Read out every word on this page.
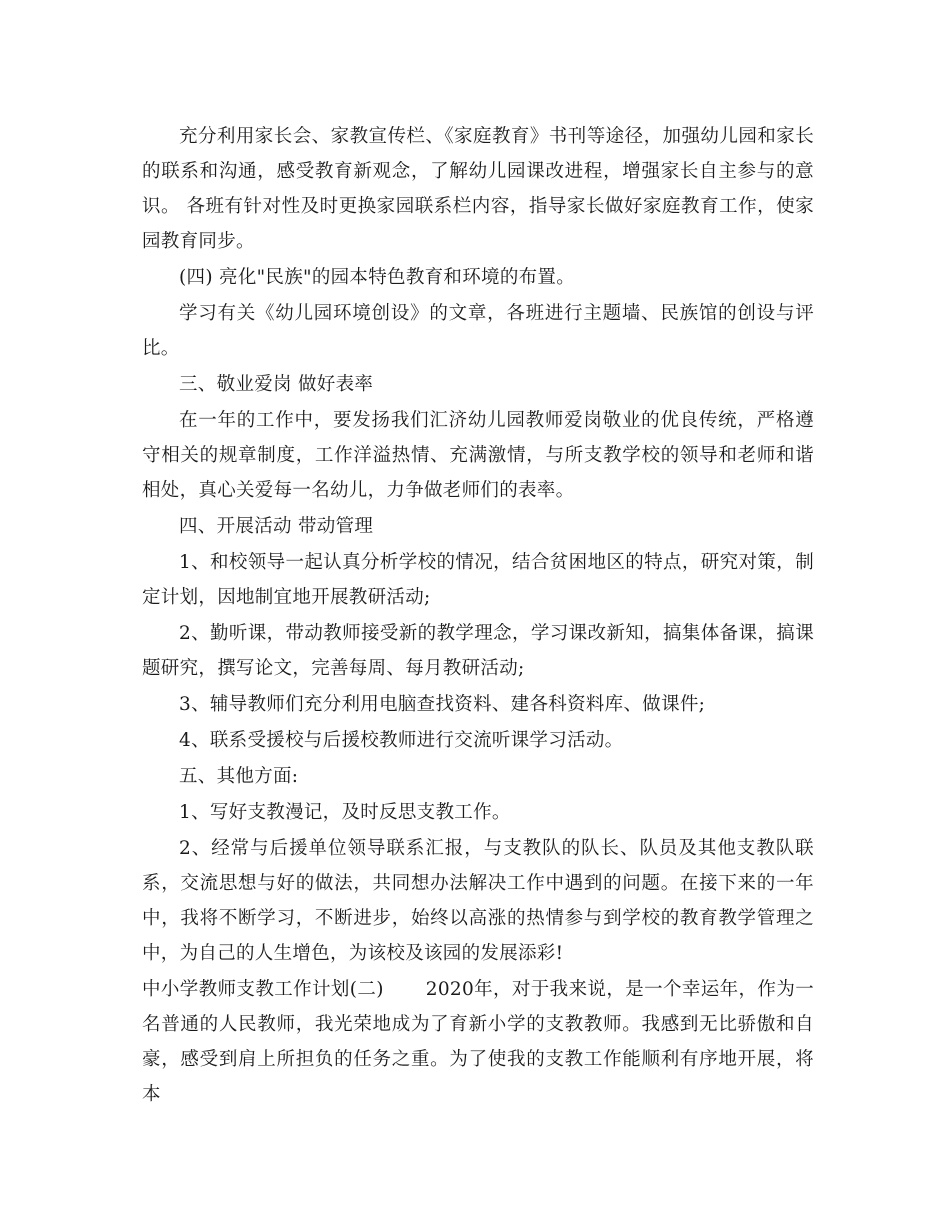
充分利用家长会、家教宣传栏、《家庭教育》书刊等途径，加强幼儿园和家长的联系和沟通，感受教育新观念，了解幼儿园课改进程，增强家长自主参与的意识。 各班有针对性及时更换家园联系栏内容，指导家长做好家庭教育工作，使家园教育同步。

(四) 亮化"民族"的园本特色教育和环境的布置。

学习有关《幼儿园环境创设》的文章，各班进行主题墙、民族馆的创设与评比。

三、敬业爱岗 做好表率

在一年的工作中，要发扬我们汇济幼儿园教师爱岗敬业的优良传统，严格遵守相关的规章制度，工作洋溢热情、充满激情，与所支教学校的领导和老师和谐相处，真心关爱每一名幼儿，力争做老师们的表率。

四、开展活动 带动管理

1、和校领导一起认真分析学校的情况，结合贫困地区的特点，研究对策，制定计划，因地制宜地开展教研活动;

2、勤听课，带动教师接受新的教学理念，学习课改新知，搞集体备课，搞课题研究，撰写论文，完善每周、每月教研活动;

3、辅导教师们充分利用电脑查找资料、建各科资料库、做课件;

4、联系受援校与后援校教师进行交流听课学习活动。

五、其他方面:

1、写好支教漫记，及时反思支教工作。

2、经常与后援单位领导联系汇报，与支教队的队长、队员及其他支教队联系，交流思想与好的做法，共同想办法解决工作中遇到的问题。在接下来的一年中，我将不断学习，不断进步，始终以高涨的热情参与到学校的教育教学管理之中，为自己的人生增色，为该校及该园的发展添彩!

中小学教师支教工作计划(二) 2020年，对于我来说，是一个幸运年，作为一名普通的人民教师，我光荣地成为了育新小学的支教教师。我感到无比骄傲和自豪，感受到肩上所担负的任务之重。为了使我的支教工作能顺利有序地开展，将本
